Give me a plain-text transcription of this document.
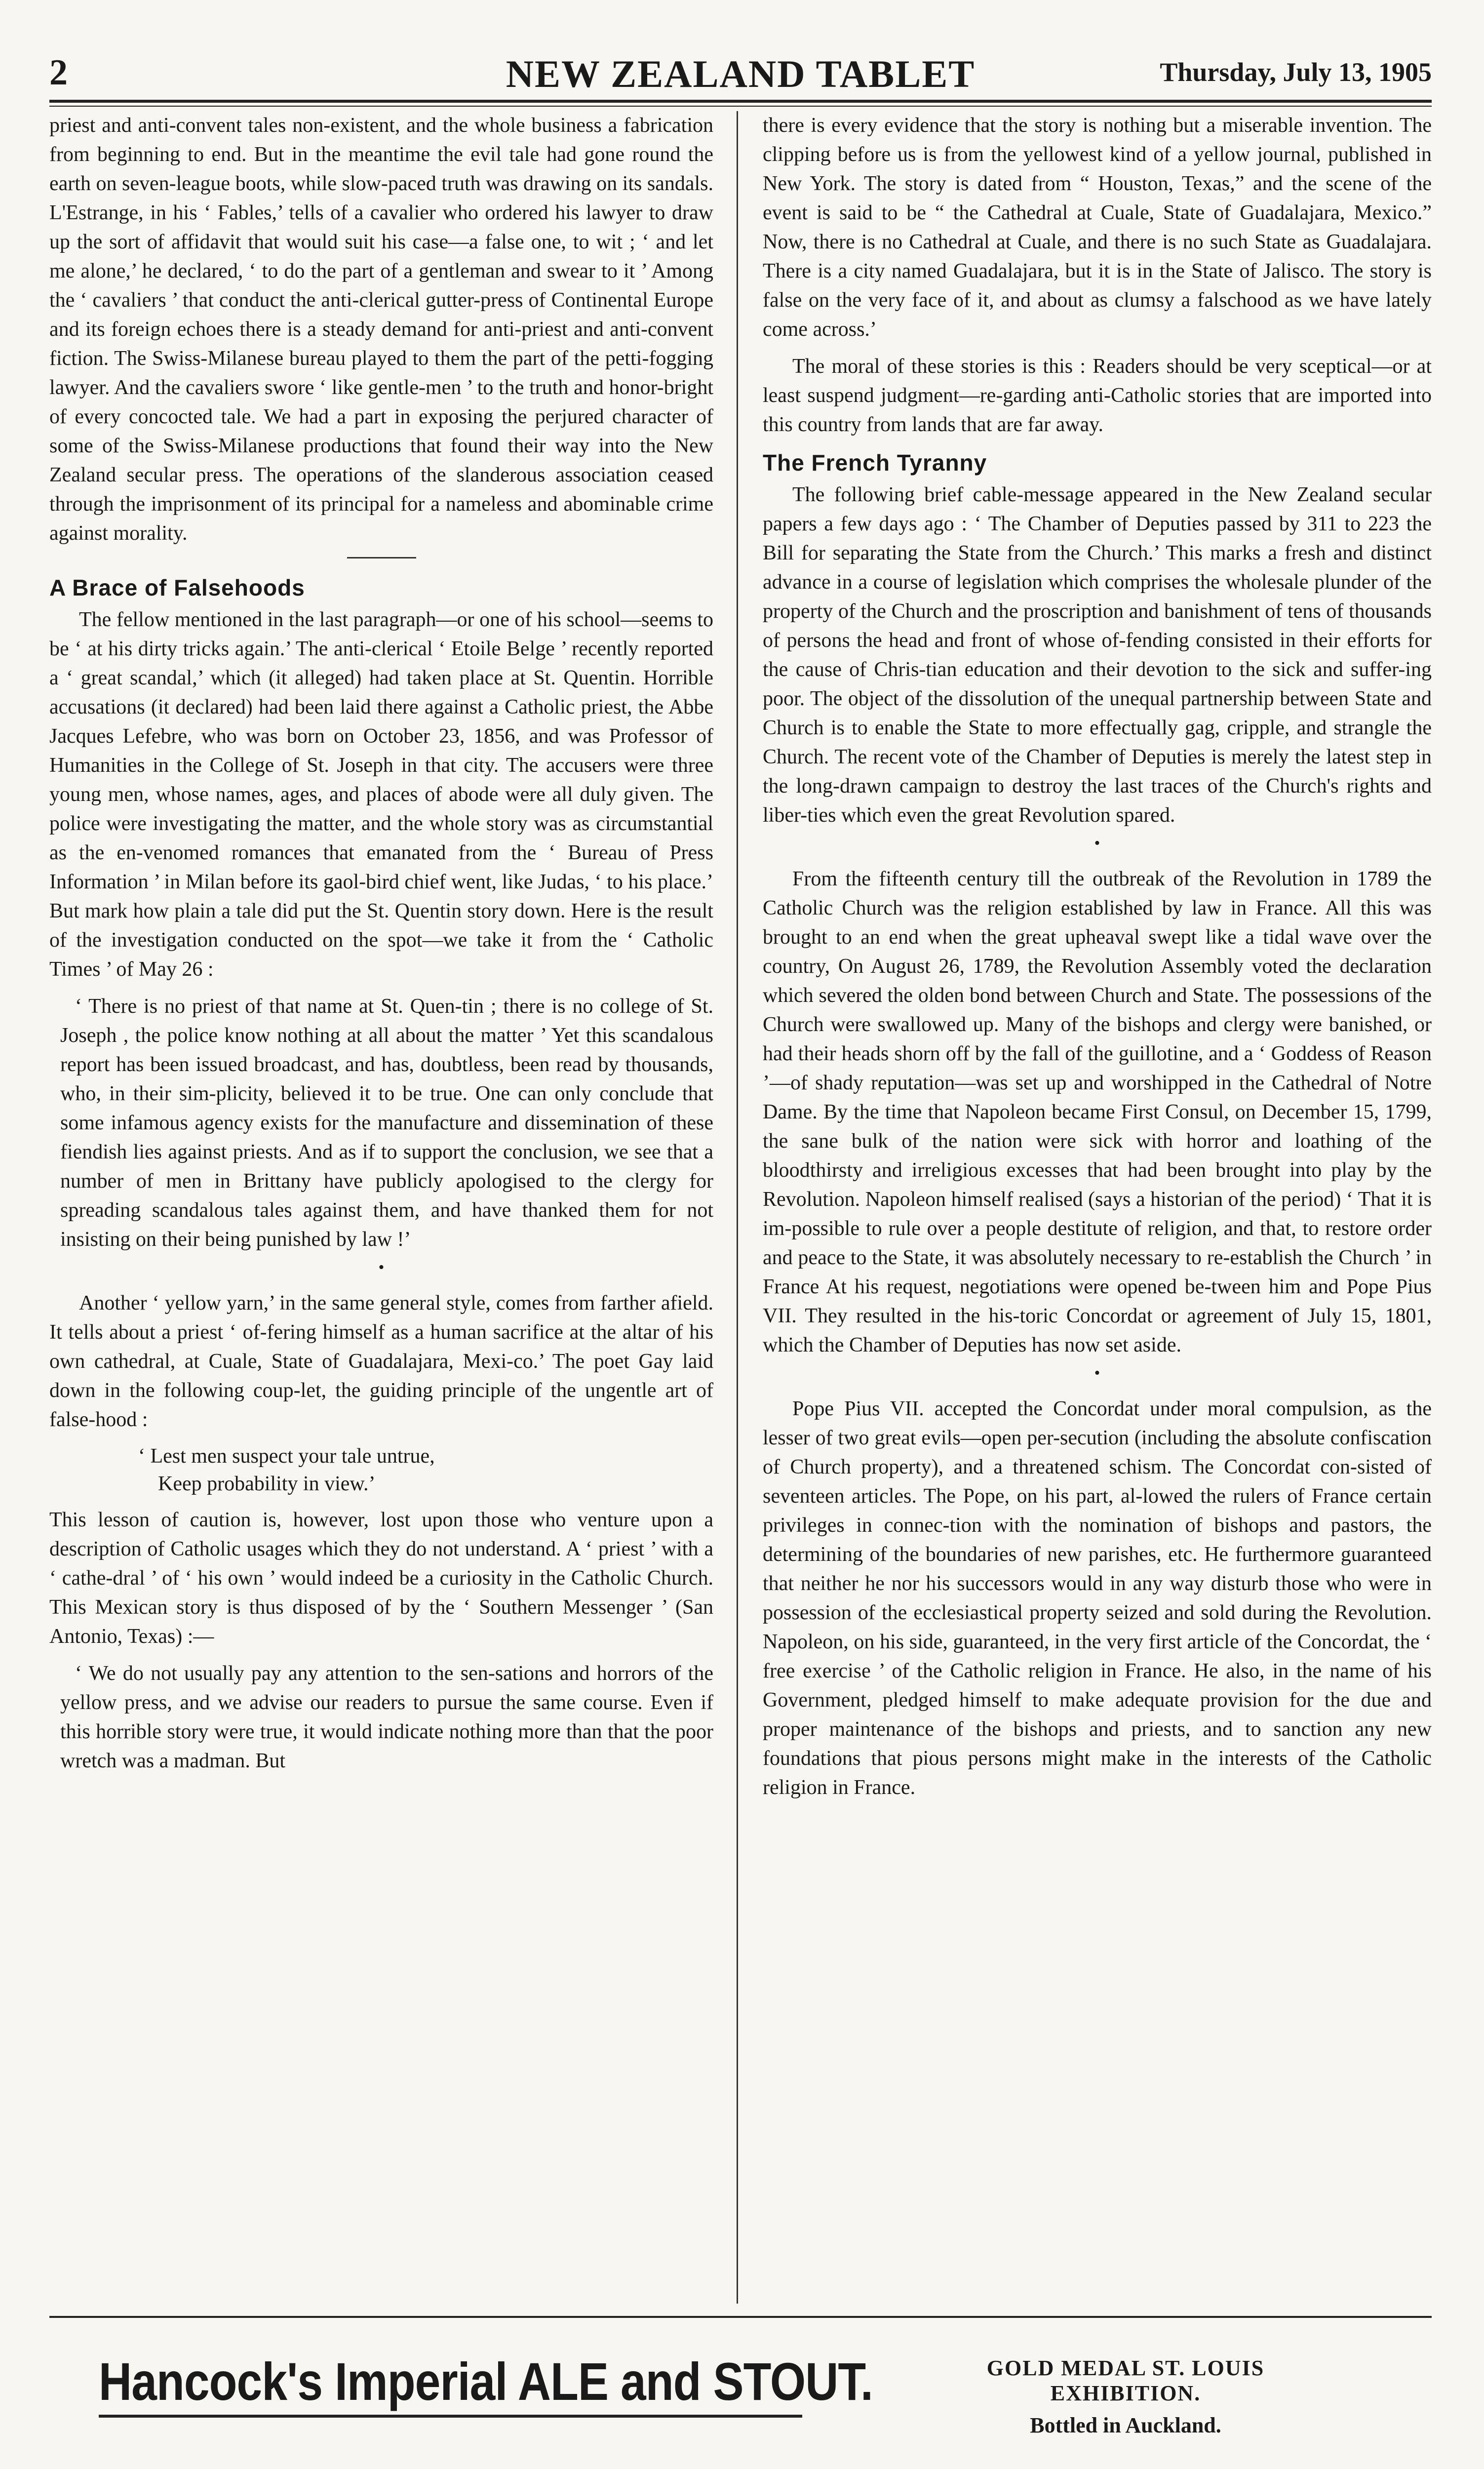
2	NEW ZEALAND TABLET	Thursday, July 13, 1905

priest and anti-convent tales non-existent, and the whole business a fabrication from beginning to end. But in the meantime the evil tale had gone round the earth on seven-league boots, while slow-paced truth was drawing on its sandals. L'Estrange, in his ‘ Fables,’ tells of a cavalier who ordered his lawyer to draw up the sort of affidavit that would suit his case—a false one, to wit ; ‘ and let me alone,’ he declared, ‘ to do the part of a gentleman and swear to it ’ Among the ‘ cavaliers ’ that conduct the anti-clerical gutter-press of Continental Europe and its foreign echoes there is a steady demand for anti-priest and anti-convent fiction. The Swiss-Milanese bureau played to them the part of the petti-fogging lawyer. And the cavaliers swore ‘ like gentle-men ’ to the truth and honor-bright of every concocted tale. We had a part in exposing the perjured character of some of the Swiss-Milanese productions that found their way into the New Zealand secular press. The operations of the slanderous association ceased through the imprisonment of its principal for a nameless and abominable crime against morality.

A Brace of Falsehoods

The fellow mentioned in the last paragraph—or one of his school—seems to be ‘ at his dirty tricks again.’ The anti-clerical ‘ Etoile Belge ’ recently reported a ‘ great scandal,’ which (it alleged) had taken place at St. Quentin. Horrible accusations (it declared) had been laid there against a Catholic priest, the Abbe Jacques Lefebre, who was born on October 23, 1856, and was Professor of Humanities in the College of St. Joseph in that city. The accusers were three young men, whose names, ages, and places of abode were all duly given. The police were investigating the matter, and the whole story was as circumstantial as the en-venomed romances that emanated from the ‘ Bureau of Press Information ’ in Milan before its gaol-bird chief went, like Judas, ‘ to his place.’ But mark how plain a tale did put the St. Quentin story down. Here is the result of the investigation conducted on the spot—we take it from the ‘ Catholic Times ’ of May 26 :

‘ There is no priest of that name at St. Quen-tin ; there is no college of St. Joseph , the police know nothing at all about the matter ’ Yet this scandalous report has been issued broadcast, and has, doubtless, been read by thousands, who, in their sim-plicity, believed it to be true. One can only conclude that some infamous agency exists for the manufacture and dissemination of these fiendish lies against priests. And as if to support the conclusion, we see that a number of men in Brittany have publicly apologised to the clergy for spreading scandalous tales against them, and have thanked them for not insisting on their being punished by law !’

•

Another ‘ yellow yarn,’ in the same general style, comes from farther afield. It tells about a priest ‘ of-fering himself as a human sacrifice at the altar of his own cathedral, at Cuale, State of Guadalajara, Mexi-co.’ The poet Gay laid down in the following coup-let, the guiding principle of the ungentle art of false-hood :

‘ Lest men suspect your tale untrue,
Keep probability in view.’

This lesson of caution is, however, lost upon those who venture upon a description of Catholic usages which they do not understand. A ‘ priest ’ with a ‘ cathe-dral ’ of ‘ his own ’ would indeed be a curiosity in the Catholic Church. This Mexican story is thus disposed of by the ‘ Southern Messenger ’ (San Antonio, Texas) :—

‘ We do not usually pay any attention to the sen-sations and horrors of the yellow press, and we advise our readers to pursue the same course. Even if this horrible story were true, it would indicate nothing more than that the poor wretch was a madman. But

there is every evidence that the story is nothing but a miserable invention. The clipping before us is from the yellowest kind of a yellow journal, published in New York. The story is dated from “ Houston, Texas,” and the scene of the event is said to be “ the Cathedral at Cuale, State of Guadalajara, Mexico.” Now, there is no Cathedral at Cuale, and there is no such State as Guadalajara. There is a city named Guadalajara, but it is in the State of Jalisco. The story is false on the very face of it, and about as clumsy a falschood as we have lately come across.’

The moral of these stories is this : Readers should be very sceptical—or at least suspend judgment—re-garding anti-Catholic stories that are imported into this country from lands that are far away.

The French Tyranny

The following brief cable-message appeared in the New Zealand secular papers a few days ago : ‘ The Chamber of Deputies passed by 311 to 223 the Bill for separating the State from the Church.’ This marks a fresh and distinct advance in a course of legislation which comprises the wholesale plunder of the property of the Church and the proscription and banishment of tens of thousands of persons the head and front of whose of-fending consisted in their efforts for the cause of Chris-tian education and their devotion to the sick and suffer-ing poor. The object of the dissolution of the unequal partnership between State and Church is to enable the State to more effectually gag, cripple, and strangle the Church. The recent vote of the Chamber of Deputies is merely the latest step in the long-drawn campaign to destroy the last traces of the Church's rights and liber-ties which even the great Revolution spared.

•

From the fifteenth century till the outbreak of the Revolution in 1789 the Catholic Church was the religion established by law in France. All this was brought to an end when the great upheaval swept like a tidal wave over the country, On August 26, 1789, the Revolution Assembly voted the declaration which severed the olden bond between Church and State. The possessions of the Church were swallowed up. Many of the bishops and clergy were banished, or had their heads shorn off by the fall of the guillotine, and a ‘ Goddess of Reason ’—of shady reputation—was set up and worshipped in the Cathedral of Notre Dame. By the time that Napoleon became First Consul, on December 15, 1799, the sane bulk of the nation were sick with horror and loathing of the bloodthirsty and irreligious excesses that had been brought into play by the Revolution. Napoleon himself realised (says a historian of the period) ‘ That it is im-possible to rule over a people destitute of religion, and that, to restore order and peace to the State, it was absolutely necessary to re-establish the Church ’ in France At his request, negotiations were opened be-tween him and Pope Pius VII. They resulted in the his-toric Concordat or agreement of July 15, 1801, which the Chamber of Deputies has now set aside.

•

Pope Pius VII. accepted the Concordat under moral compulsion, as the lesser of two great evils—open per-secution (including the absolute confiscation of Church property), and a threatened schism. The Concordat con-sisted of seventeen articles. The Pope, on his part, al-lowed the rulers of France certain privileges in connec-tion with the nomination of bishops and pastors, the determining of the boundaries of new parishes, etc. He furthermore guaranteed that neither he nor his successors would in any way disturb those who were in possession of the ecclesiastical property seized and sold during the Revolution. Napoleon, on his side, guaranteed, in the very first article of the Concordat, the ‘ free exercise ’ of the Catholic religion in France. He also, in the name of his Government, pledged himself to make adequate provision for the due and proper maintenance of the bishops and priests, and to sanction any new foundations that pious persons might make in the interests of the Catholic religion in France.

Hancock's Imperial ALE and STOUT.	GOLD MEDAL ST. LOUIS EXHIBITION.
Bottled in Auckland.
